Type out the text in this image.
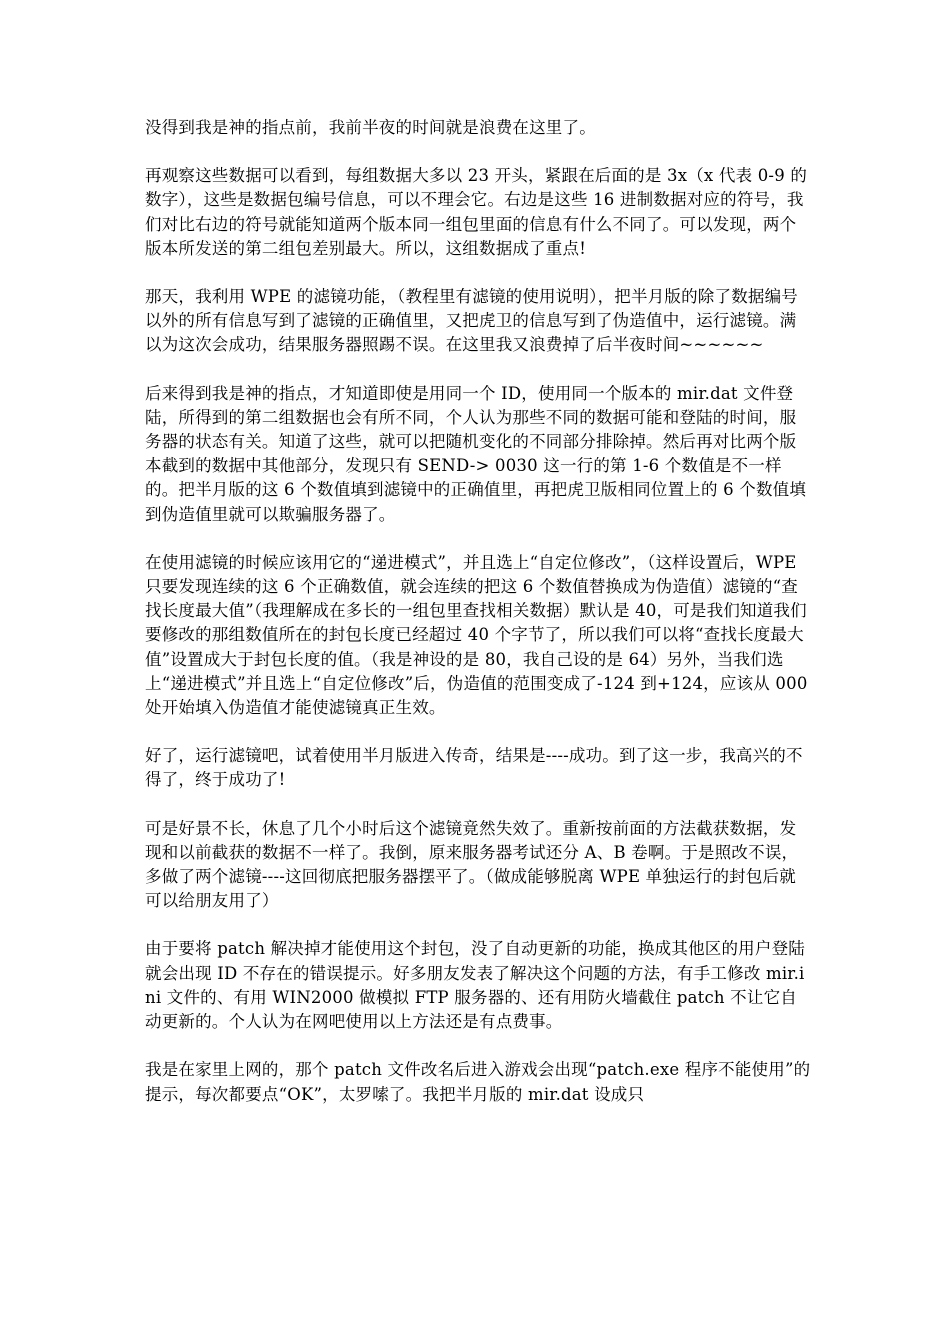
没得到我是神的指点前，我前半夜的时间就是浪费在这里了。

再观察这些数据可以看到，每组数据大多以 23 开头，紧跟在后面的是 3x（x 代表 0-9 的数字），这些是数据包编号信息，可以不理会它。右边是这些 16 进制数据对应的符号，我们对比右边的符号就能知道两个版本同一组包里面的信息有什么不同了。可以发现，两个版本所发送的第二组包差别最大。所以，这组数据成了重点!

那天，我利用 WPE 的滤镜功能，（教程里有滤镜的使用说明），把半月版的除了数据编号以外的所有信息写到了滤镜的正确值里，又把虎卫的信息写到了伪造值中，运行滤镜。满以为这次会成功，结果服务器照踢不误。在这里我又浪费掉了后半夜时间~~~~~~

后来得到我是神的指点，才知道即使是用同一个 ID，使用同一个版本的 mir.dat 文件登陆，所得到的第二组数据也会有所不同，个人认为那些不同的数据可能和登陆的时间，服务器的状态有关。知道了这些，就可以把随机变化的不同部分排除掉。然后再对比两个版本截到的数据中其他部分，发现只有 SEND-> 0030 这一行的第 1-6 个数值是不一样的。把半月版的这 6 个数值填到滤镜中的正确值里，再把虎卫版相同位置上的 6 个数值填到伪造值里就可以欺骗服务器了。

在使用滤镜的时候应该用它的“递进模式”，并且选上“自定位修改”，（这样设置后，WPE 只要发现连续的这 6 个正确数值，就会连续的把这 6 个数值替换成为伪造值）滤镜的“查找长度最大值”（我理解成在多长的一组包里查找相关数据）默认是 40，可是我们知道我们要修改的那组数值所在的封包长度已经超过 40 个字节了，所以我们可以将“查找长度最大值”设置成大于封包长度的值。（我是神设的是 80，我自己设的是 64）另外，当我们选上“递进模式”并且选上“自定位修改”后，伪造值的范围变成了-124 到+124，应该从 000 处开始填入伪造值才能使滤镜真正生效。

好了，运行滤镜吧，试着使用半月版进入传奇，结果是----成功。到了这一步，我高兴的不得了，终于成功了!

可是好景不长，休息了几个小时后这个滤镜竟然失效了。重新按前面的方法截获数据，发现和以前截获的数据不一样了。我倒，原来服务器考试还分 A、B 卷啊。于是照改不误，多做了两个滤镜----这回彻底把服务器摆平了。（做成能够脱离 WPE 单独运行的封包后就可以给朋友用了）

由于要将 patch 解决掉才能使用这个封包，没了自动更新的功能，换成其他区的用户登陆就会出现 ID 不存在的错误提示。好多朋友发表了解决这个问题的方法，有手工修改 mir.ini 文件的、有用 WIN2000 做模拟 FTP 服务器的、还有用防火墙截住 patch 不让它自动更新的。个人认为在网吧使用以上方法还是有点费事。

我是在家里上网的，那个 patch 文件改名后进入游戏会出现“patch.exe 程序不能使用”的提示，每次都要点“OK”，太罗嗦了。我把半月版的 mir.dat 设成只
